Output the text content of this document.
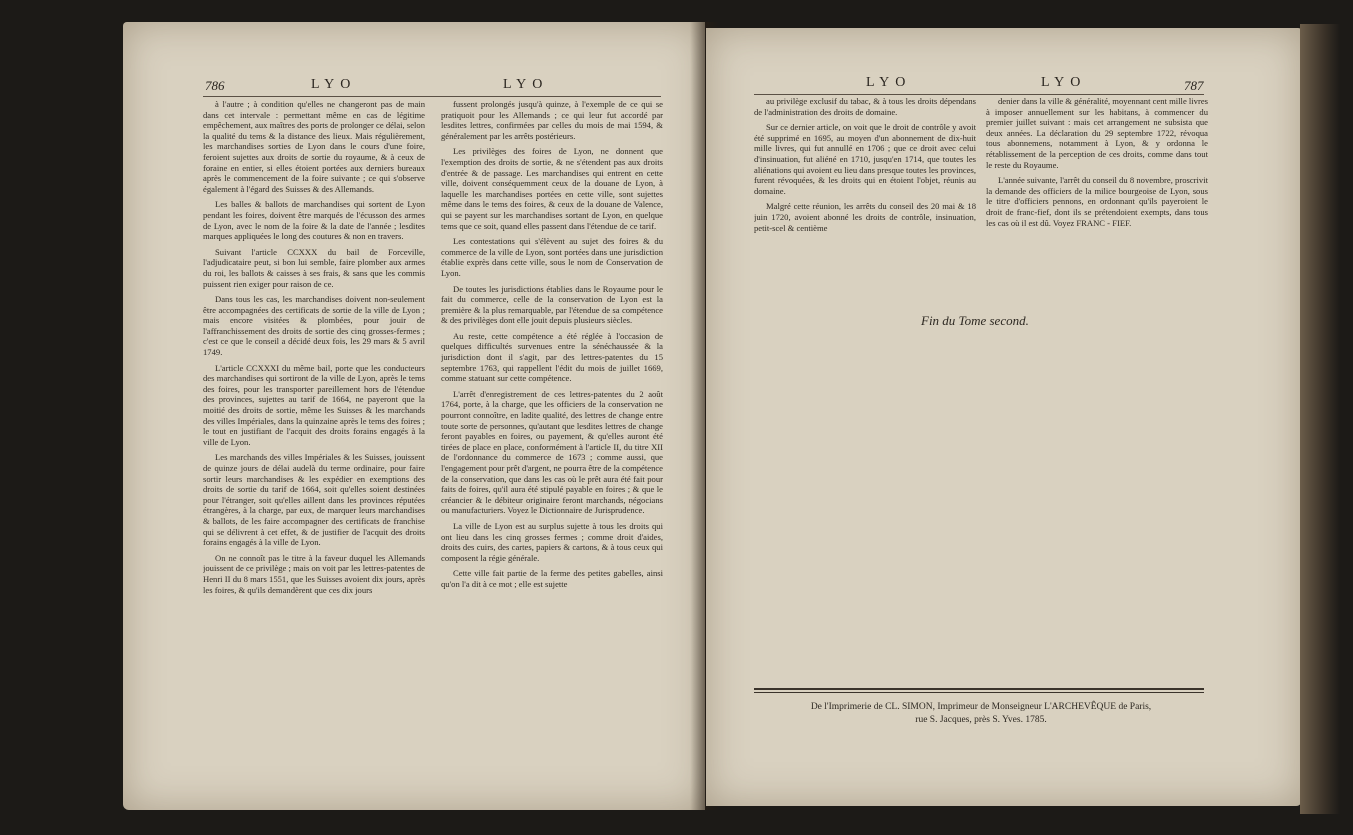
786	LYO	LYO

à l'autre ; à condition qu'elles ne changeront pas de main dans cet intervale : permettant même en cas de légitime empêchement, aux maîtres des ports de prolonger ce délai, selon la qualité du tems & la distance des lieux. Mais régulièrement, les marchandises sorties de Lyon dans le cours d'une foire, feroient sujettes aux droits de sortie du royaume, & à ceux de foraine en entier, si elles étoient portées aux derniers bureaux après le commencement de la foire suivante ; ce qui s'observe également à l'égard des Suisses & des Allemands.

Les balles & ballots de marchandises qui sortent de Lyon pendant les foires, doivent être marqués de l'écusson des armes de Lyon, avec le nom de la foire & la date de l'année ; lesdites marques appliquées le long des coutures & non en travers.

Suivant l'article CCXXX du bail de Forceville, l'adjudicataire peut, si bon lui semble, faire plomber aux armes du roi, les ballots & caisses à ses frais, & sans que les commis puissent rien exiger pour raison de ce.

Dans tous les cas, les marchandises doivent non-seulement être accompagnées des certificats de sortie de la ville de Lyon ; mais encore visitées & plombées, pour jouir de l'affranchissement des droits de sortie des cinq grosses-fermes ; c'est ce que le conseil a décidé deux fois, les 29 mars & 5 avril 1749.

L'article CCXXXI du même bail, porte que les conducteurs des marchandises qui sortiront de la ville de Lyon, après le tems des foires, pour les transporter pareillement hors de l'étendue des provinces, sujettes au tarif de 1664, ne payeront que la moitié des droits de sortie, même les Suisses & les marchands des villes Impériales, dans la quinzaine après le tems des foires ; le tout en justifiant de l'acquit des droits forains engagés à la ville de Lyon.

Les marchands des villes Impériales & les Suisses, jouissent de quinze jours de délai audelà du terme ordinaire, pour faire sortir leurs marchandises & les expédier en exemptions des droits de sortie du tarif de 1664, soit qu'elles soient destinées pour l'étranger, soit qu'elles aillent dans les provinces réputées étrangères, à la charge, par eux, de marquer leurs marchandises & ballots, de les faire accompagner des certificats de franchise qui se délivrent à cet effet, & de justifier de l'acquit des droits forains engagés à la ville de Lyon.

On ne connoît pas le titre à la faveur duquel les Allemands jouissent de ce privilège ; mais on voit par les lettres-patentes de Henri II du 8 mars 1551, que les Suisses avoient dix jours, après les foires, & qu'ils demandèrent que ces dix jours

fussent prolongés jusqu'à quinze, à l'exemple de ce qui se pratiquoit pour les Allemands ; ce qui leur fut accordé par lesdites lettres, confirmées par celles du mois de mai 1594, & généralement par les arrêts postérieurs.

Les privilèges des foires de Lyon, ne donnent que l'exemption des droits de sortie, & ne s'étendent pas aux droits d'entrée & de passage. Les marchandises qui entrent en cette ville, doivent conséquemment ceux de la douane de Lyon, à laquelle les marchandises portées en cette ville, sont sujettes même dans le tems des foires, & ceux de la douane de Valence, qui se payent sur les marchandises sortant de Lyon, en quelque tems que ce soit, quand elles passent dans l'étendue de ce tarif.

Les contestations qui s'élèvent au sujet des foires & du commerce de la ville de Lyon, sont portées dans une jurisdiction établie exprès dans cette ville, sous le nom de Conservation de Lyon.

De toutes les jurisdictions établies dans le Royaume pour le fait du commerce, celle de la conservation de Lyon est la première & la plus remarquable, par l'étendue de sa compétence & des privilèges dont elle jouit depuis plusieurs siècles.

Au reste, cette compétence a été réglée à l'occasion de quelques difficultés survenues entre la sénéchaussée & la jurisdiction dont il s'agit, par des lettres-patentes du 15 septembre 1763, qui rappellent l'édit du mois de juillet 1669, comme statuant sur cette compétence.

L'arrêt d'enregistrement de ces lettres-patentes du 2 août 1764, porte, à la charge, que les officiers de la conservation ne pourront connoître, en ladite qualité, des lettres de change entre toute sorte de personnes, qu'autant que lesdites lettres de change feront payables en foires, ou payement, & qu'elles auront été tirées de place en place, conformément à l'article II, du titre XII de l'ordonnance du commerce de 1673 ; comme aussi, que l'engagement pour prêt d'argent, ne pourra être de la compétence de la conservation, que dans les cas où le prêt aura été fait pour faits de foires, qu'il aura été stipulé payable en foires ; & que le créancier & le débiteur originaire feront marchands, négocians ou manufacturiers. Voyez le Dictionnaire de Jurisprudence.

La ville de Lyon est au surplus sujette à tous les droits qui ont lieu dans les cinq grosses fermes ; comme droit d'aides, droits des cuirs, des cartes, papiers & cartons, & à tous ceux qui composent la régie générale.

Cette ville fait partie de la ferme des petites gabelles, ainsi qu'on l'a dit à ce mot ; elle est sujette

LYO	LYO	787

au privilège exclusif du tabac, & à tous les droits dépendans de l'administration des droits de domaine.

Sur ce dernier article, on voit que le droit de contrôle y avoit été supprimé en 1695, au moyen d'un abonnement de dix-huit mille livres, qui fut annullé en 1706 ; que ce droit avec celui d'insinuation, fut aliéné en 1710, jusqu'en 1714, que toutes les aliénations qui avoient eu lieu dans presque toutes les provinces, furent révoquées, & les droits qui en étoient l'objet, réunis au domaine.

Malgré cette réunion, les arrêts du conseil des 20 mai & 18 juin 1720, avoient abonné les droits de contrôle, insinuation, petit-scel & centième

denier dans la ville & généralité, moyennant cent mille livres à imposer annuellement sur les habitans, à commencer du premier juillet suivant : mais cet arrangement ne subsista que deux années. La déclaration du 29 septembre 1722, révoqua tous abonnemens, notamment à Lyon, & y ordonna le rétablissement de la perception de ces droits, comme dans tout le reste du Royaume.

L'année suivante, l'arrêt du conseil du 8 novembre, proscrivit la demande des officiers de la milice bourgeoise de Lyon, sous le titre d'officiers pennons, en ordonnant qu'ils payeroient le droit de franc-fief, dont ils se prétendoient exempts, dans tous les cas où il est dû. Voyez FRANC - FIEF.

Fin du Tome second.
De l'Imprimerie de CL. SIMON, Imprimeur de Monseigneur L'ARCHEVÊQUE de Paris,
rue S. Jacques, près S. Yves. 1785.
